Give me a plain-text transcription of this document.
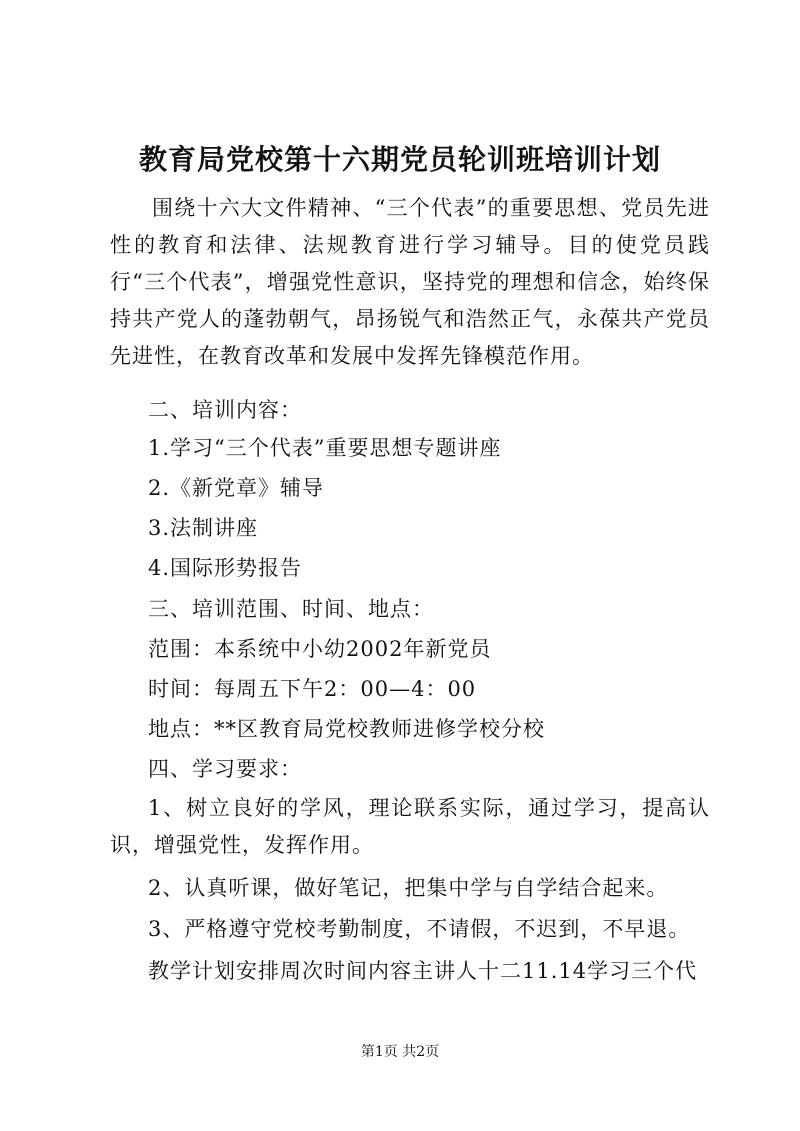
教育局党校第十六期党员轮训班培训计划

围绕十六大文件精神、“三个代表”的重要思想、党员先进性的教育和法律、法规教育进行学习辅导。目的使党员践行“三个代表”，增强党性意识，坚持党的理想和信念，始终保持共产党人的蓬勃朝气，昂扬锐气和浩然正气，永葆共产党员先进性，在教育改革和发展中发挥先锋模范作用。

二、培训内容：
1.学习“三个代表”重要思想专题讲座
2.《新党章》辅导
3.法制讲座
4.国际形势报告
三、培训范围、时间、地点：
范围：本系统中小幼2002年新党员
时间：每周五下午2：00—4：00
地点：**区教育局党校教师进修学校分校
四、学习要求：

1、树立良好的学风，理论联系实际，通过学习，提高认识，增强党性，发挥作用。

2、认真听课，做好笔记，把集中学与自学结合起来。
3、严格遵守党校考勤制度，不请假，不迟到，不早退。
教学计划安排周次时间内容主讲人十二11.14学习三个代
第1页 共2页
